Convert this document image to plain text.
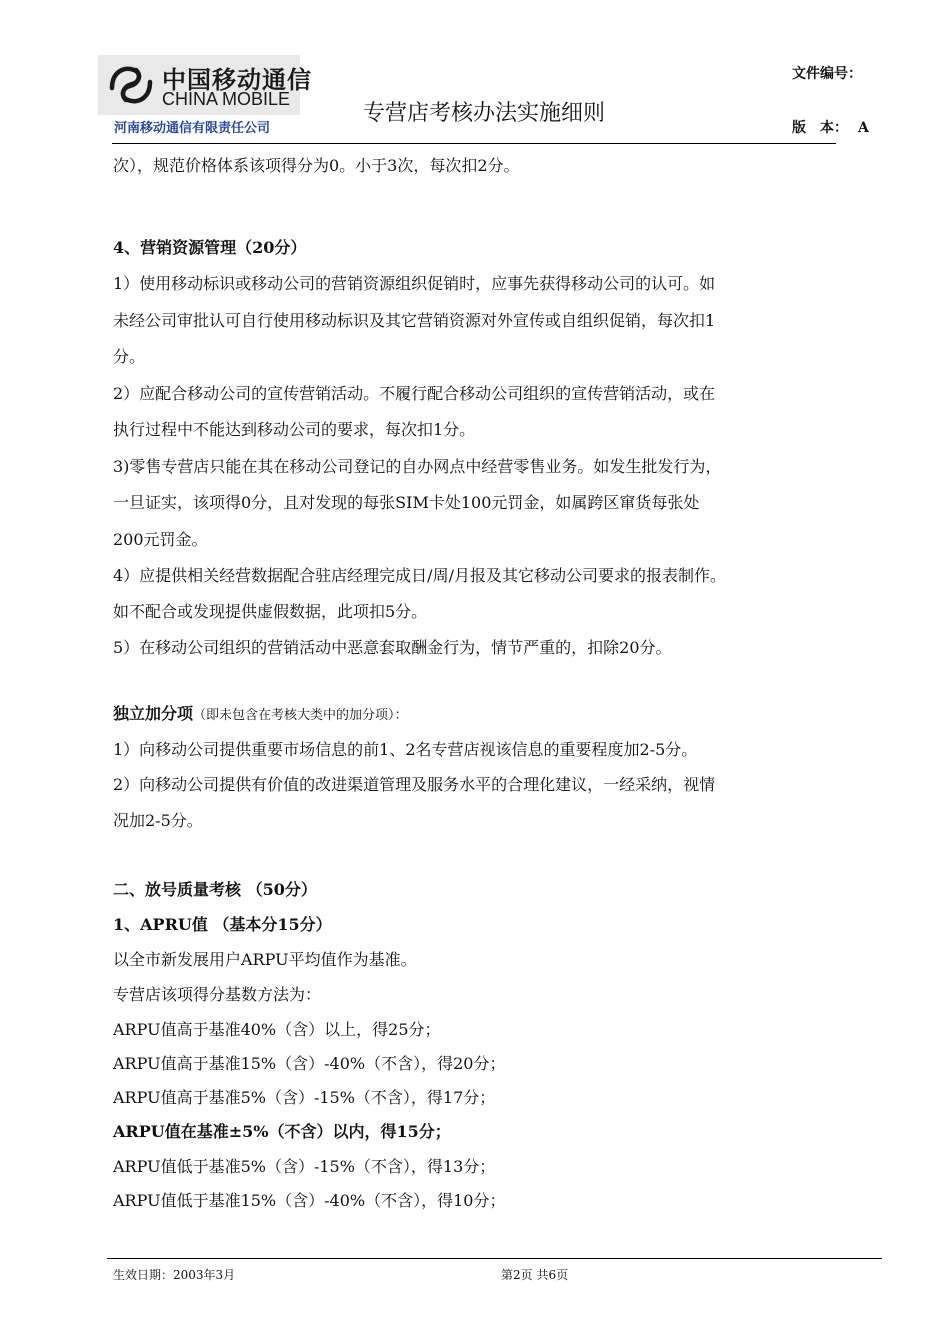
中国移动通信
CHINA MOBILE
河南移动通信有限责任公司
专营店考核办法实施细则
文件编号：
版　本： A
次），规范价格体系该项得分为0。小于3次，每次扣2分。
4、营销资源管理（20分）
1）使用移动标识或移动公司的营销资源组织促销时，应事先获得移动公司的认可。如
未经公司审批认可自行使用移动标识及其它营销资源对外宣传或自组织促销，每次扣1
分。
2）应配合移动公司的宣传营销活动。不履行配合移动公司组织的宣传营销活动，或在
执行过程中不能达到移动公司的要求，每次扣1分。
3)零售专营店只能在其在移动公司登记的自办网点中经营零售业务。如发生批发行为，
一旦证实，该项得0分，且对发现的每张SIM卡处100元罚金，如属跨区窜货每张处
200元罚金。
4）应提供相关经营数据配合驻店经理完成日/周/月报及其它移动公司要求的报表制作。
如不配合或发现提供虚假数据，此项扣5分。
5）在移动公司组织的营销活动中恶意套取酬金行为，情节严重的，扣除20分。
独立加分项（即未包含在考核大类中的加分项）：
1）向移动公司提供重要市场信息的前1、2名专营店视该信息的重要程度加2-5分。
2）向移动公司提供有价值的改进渠道管理及服务水平的合理化建议，一经采纳，视情
况加2-5分。
二、放号质量考核 （50分）
1、APRU值 （基本分15分）
以全市新发展用户ARPU平均值作为基准。
专营店该项得分基数方法为：
ARPU值高于基准40%（含）以上，得25分；
ARPU值高于基准15%（含）-40%（不含），得20分；
ARPU值高于基准5%（含）-15%（不含），得17分；
ARPU值在基准±5%（不含）以内，得15分；
ARPU值低于基准5%（含）-15%（不含），得13分；
ARPU值低于基准15%（含）-40%（不含），得10分；
生效日期：2003年3月	第2页 共6页
